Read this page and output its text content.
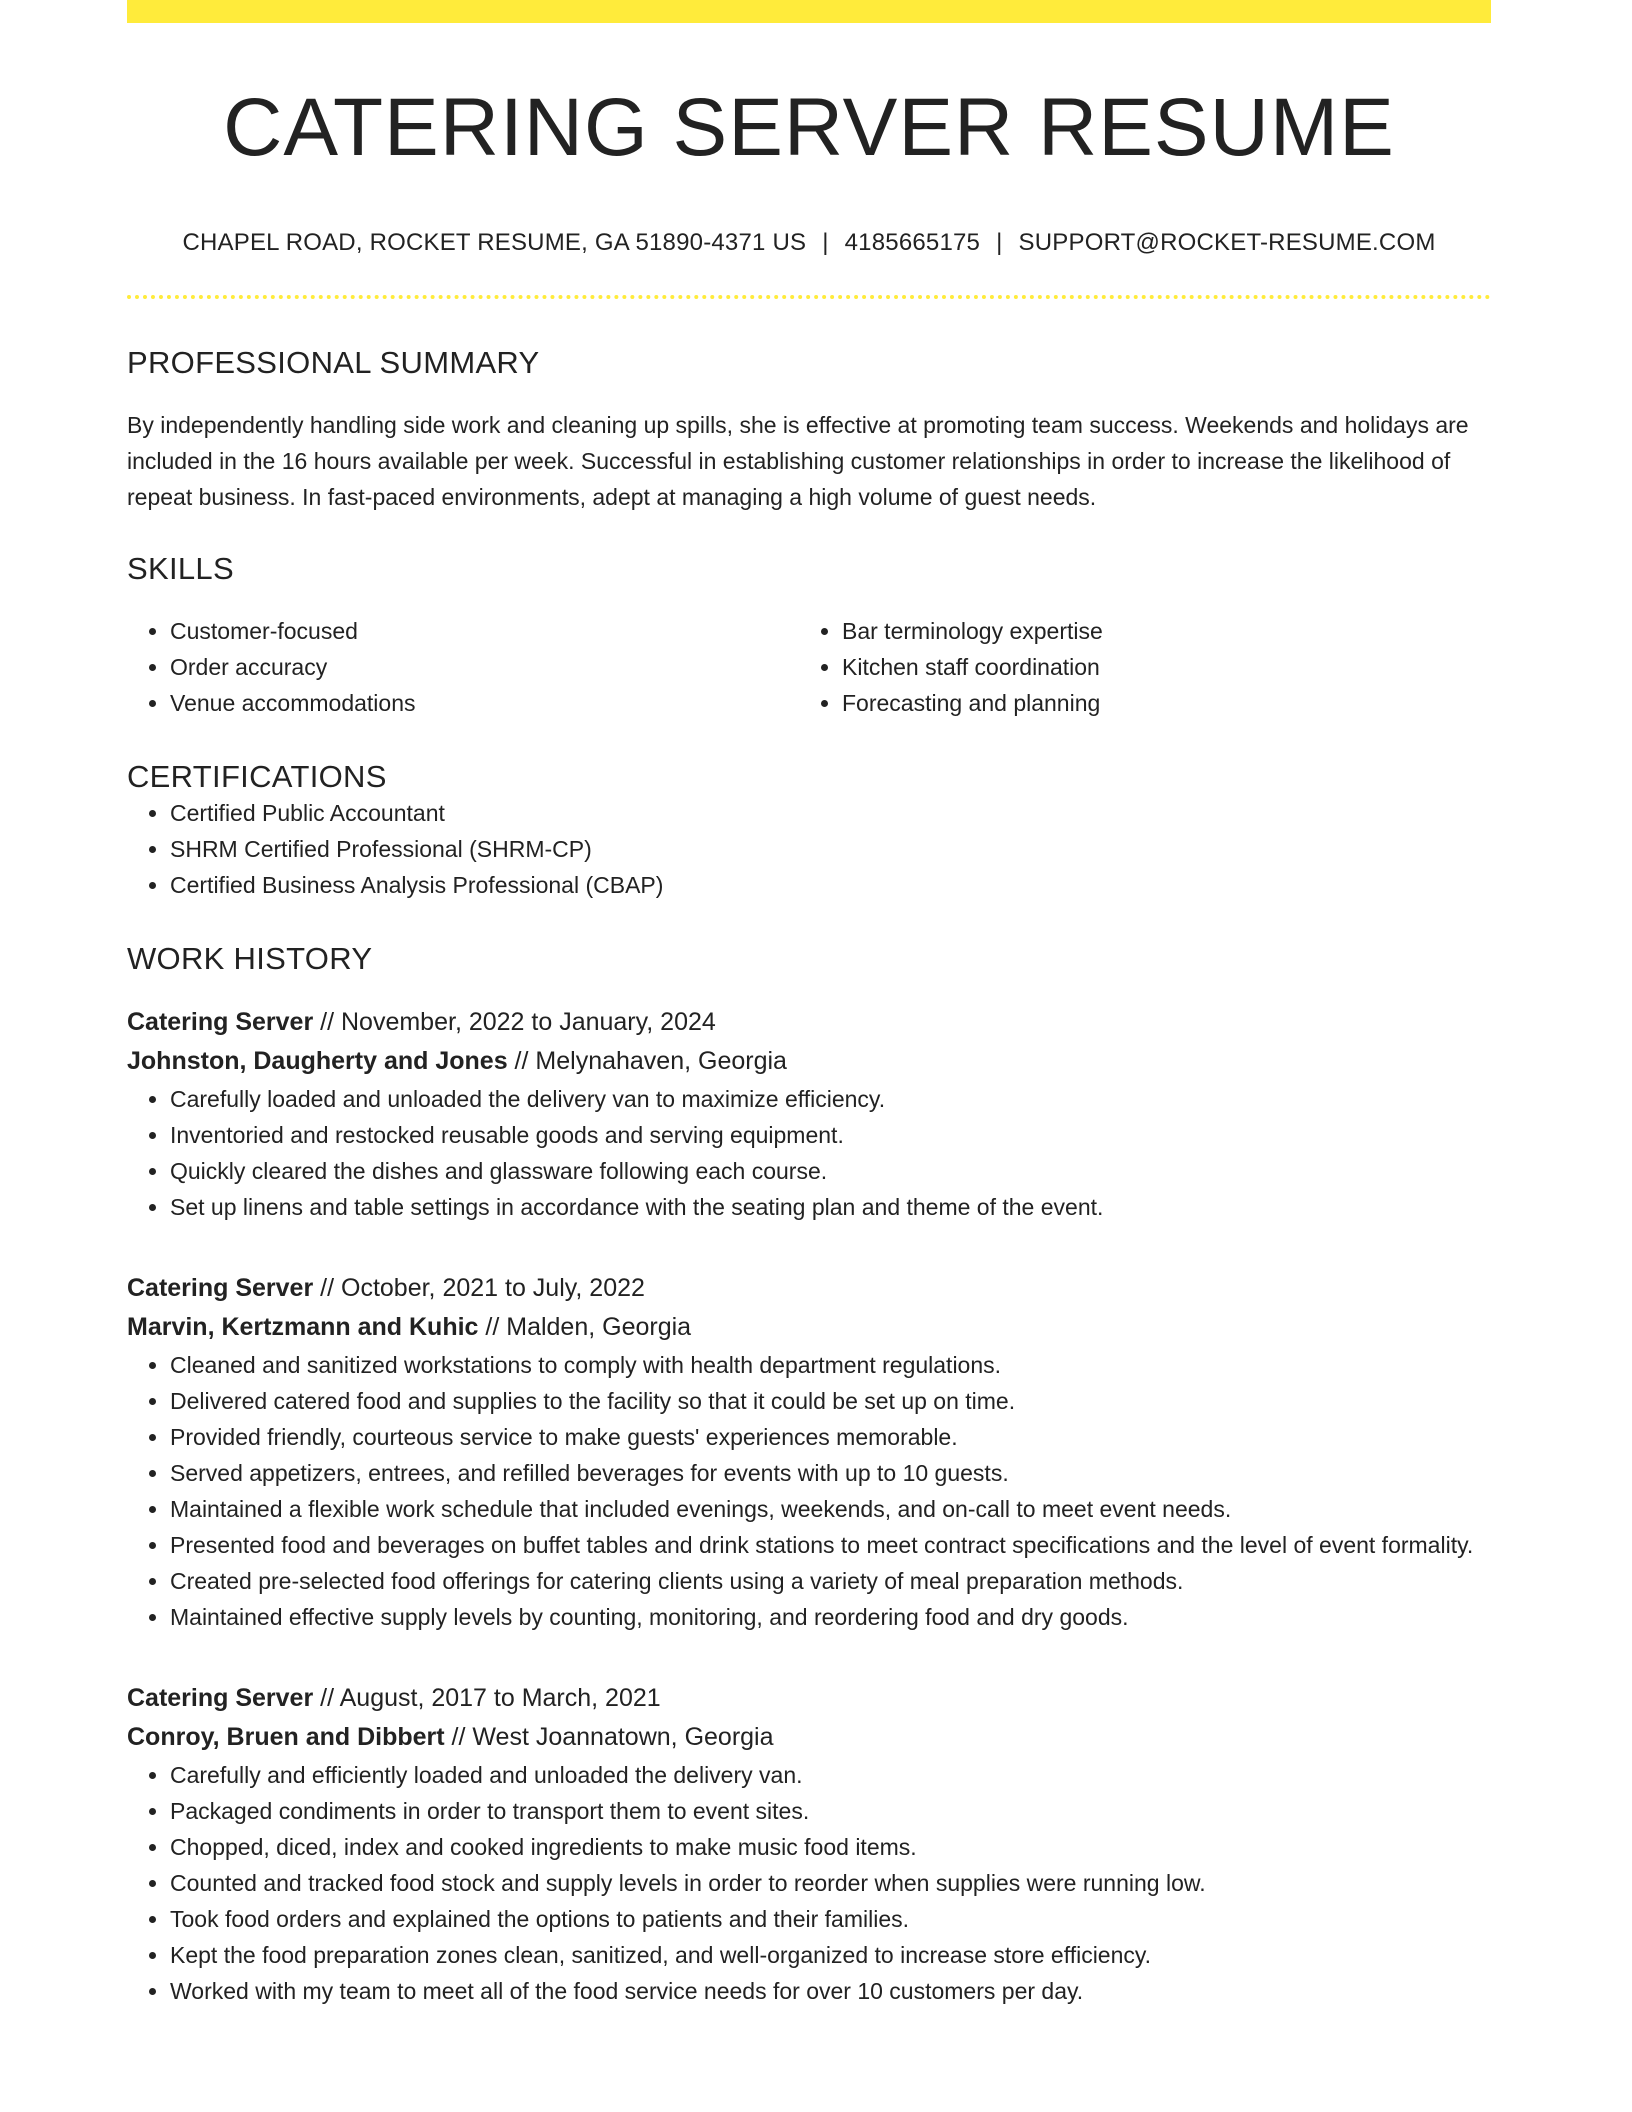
CATERING SERVER RESUME
CHAPEL ROAD, ROCKET RESUME, GA 51890-4371 US | 4185665175 | SUPPORT@ROCKET-RESUME.COM
PROFESSIONAL SUMMARY

By independently handling side work and cleaning up spills, she is effective at promoting team success. Weekends and holidays are included in the 16 hours available per week. Successful in establishing customer relationships in order to increase the likelihood of repeat business. In fast-paced environments, adept at managing a high volume of guest needs.

SKILLS
• Customer-focused
• Order accuracy
• Venue accommodations
• Bar terminology expertise
• Kitchen staff coordination
• Forecasting and planning
CERTIFICATIONS
• Certified Public Accountant
• SHRM Certified Professional (SHRM-CP)
• Certified Business Analysis Professional (CBAP)
WORK HISTORY
Catering Server // November, 2022 to January, 2024
Johnston, Daugherty and Jones // Melynahaven, Georgia
• Carefully loaded and unloaded the delivery van to maximize efficiency.
• Inventoried and restocked reusable goods and serving equipment.
• Quickly cleared the dishes and glassware following each course.
• Set up linens and table settings in accordance with the seating plan and theme of the event.
Catering Server // October, 2021 to July, 2022
Marvin, Kertzmann and Kuhic // Malden, Georgia
• Cleaned and sanitized workstations to comply with health department regulations.
• Delivered catered food and supplies to the facility so that it could be set up on time.
• Provided friendly, courteous service to make guests' experiences memorable.
• Served appetizers, entrees, and refilled beverages for events with up to 10 guests.
• Maintained a flexible work schedule that included evenings, weekends, and on-call to meet event needs.
• Presented food and beverages on buffet tables and drink stations to meet contract specifications and the level of event formality.
• Created pre-selected food offerings for catering clients using a variety of meal preparation methods.
• Maintained effective supply levels by counting, monitoring, and reordering food and dry goods.
Catering Server // August, 2017 to March, 2021
Conroy, Bruen and Dibbert // West Joannatown, Georgia
• Carefully and efficiently loaded and unloaded the delivery van.
• Packaged condiments in order to transport them to event sites.
• Chopped, diced, index and cooked ingredients to make music food items.
• Counted and tracked food stock and supply levels in order to reorder when supplies were running low.
• Took food orders and explained the options to patients and their families.
• Kept the food preparation zones clean, sanitized, and well-organized to increase store efficiency.
• Worked with my team to meet all of the food service needs for over 10 customers per day.
